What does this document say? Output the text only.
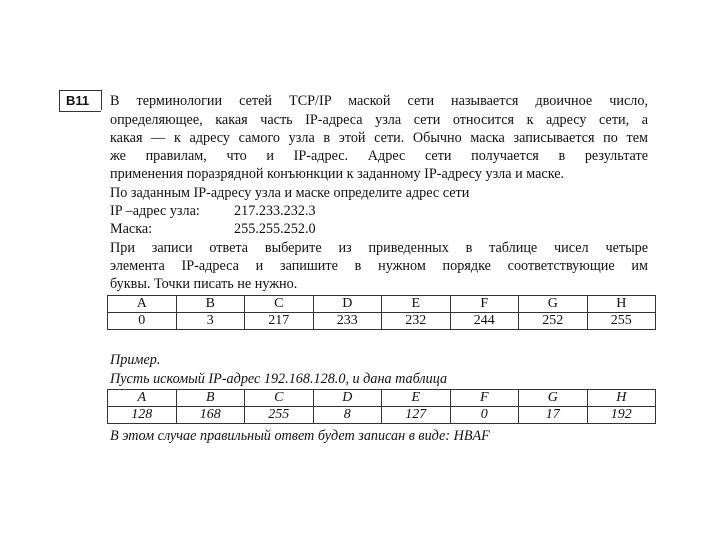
B11	В терминологии сетей TCP/IP маской сети называется двоичное число,
определяющее, какая часть IP-адреса узла сети относится к адресу сети, а
какая — к адресу самого узла в этой сети. Обычно маска записывается по тем
же правилам, что и IP-адрес. Адрес сети получается в результате
применения поразрядной конъюнкции к заданному IP-адресу узла и маске.
По заданным IP-адресу узла и маске определите адрес сети
IP –адрес узла: 217.233.232.3
Маска:	255.255.252.0
При записи ответа выберите из приведенных в таблице чисел четыре
элемента IP-адреса и запишите в нужном порядке соответствующие им
буквы. Точки писать не нужно.
A	B	C	D	E	F	G	H
0	3	217	233	232	244	252	255
Пример.
Пусть искомый IP-адрес 192.168.128.0, и дана таблица
A	B	C	D	E	F	G	H
128	168	255	8	127	0	17	192
В этом случае правильный ответ будет записан в виде: HBAF
